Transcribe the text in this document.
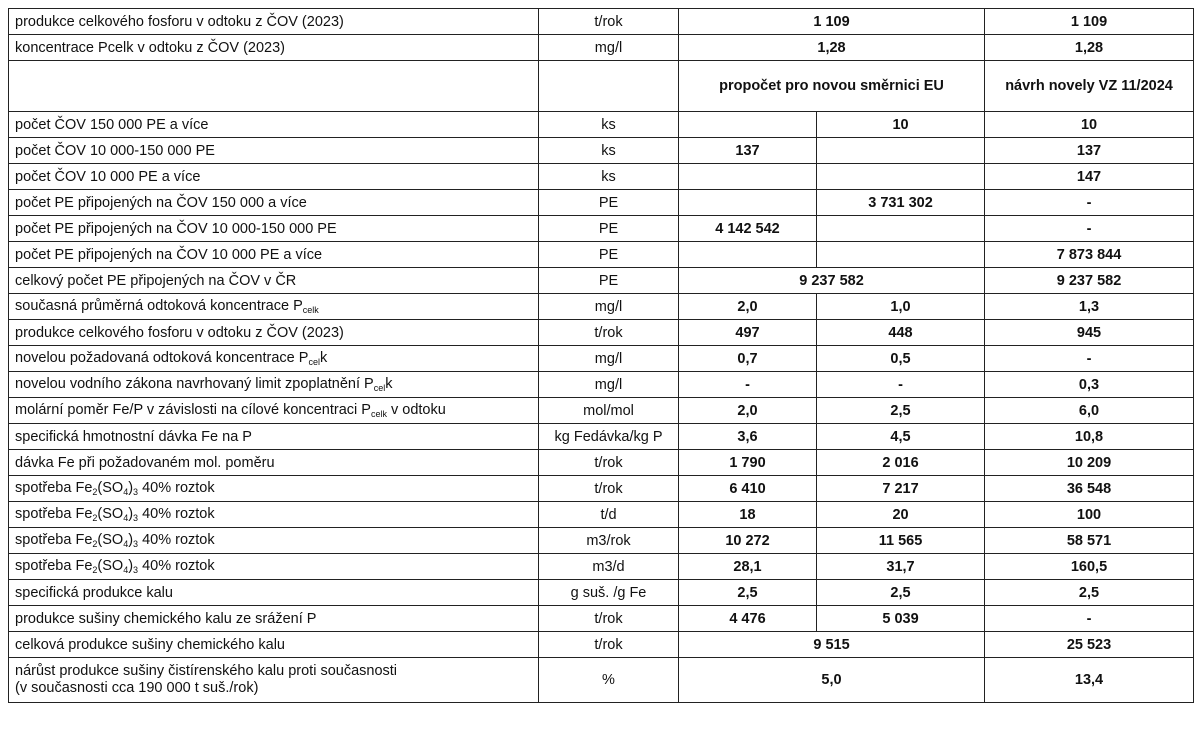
produkce celkového fosforu v odtoku z ČOV (2023)	t/rok	1 109		1 109
koncentrace Pcelk v odtoku z ČOV (2023)	mg/l	1,28		1,28
		propočet pro novou směrnici EU		návrh novely VZ 11/2024
počet ČOV 150 000 PE a více	ks		10	10
počet ČOV 10 000-150 000 PE	ks	137		137
počet ČOV 10 000 PE a více	ks			147
počet PE připojených na ČOV 150 000 a více	PE		3 731 302	-
počet PE připojených na ČOV 10 000-150 000 PE	PE	4 142 542		-
počet PE připojených na ČOV 10 000 PE a více	PE			7 873 844
celkový počet PE připojených na ČOV v ČR	PE	9 237 582		9 237 582
současná průměrná odtoková koncentrace $P_{celk}$	mg/l	2,0	1,0	1,3
produkce celkového fosforu v odtoku z ČOV (2023)	t/rok	497	448	945
novelou požadovaná odtoková koncentrace $P_{cel}k$	mg/l	0,7	0,5	-
novelou vodního zákona navrhovaný limit zpoplatnění $P_{cel}k$	mg/l	-	-	0,3
molární poměr Fe/P v závislosti na cílové koncentraci $P_{celk}$ v odtoku	mol/mol	2,0	2,5	6,0
specifická hmotnostní dávka Fe na P	kg Fedávka/kg P	3,6	4,5	10,8
dávka Fe při požadovaném mol. poměru	t/rok	1 790	2 016	10 209
spotřeba $Fe_2(SO_4)_3$ 40% roztok	t/rok	6 410	7 217	36 548
spotřeba $Fe_2(SO_4)_3$ 40% roztok	t/d	18	20	100
spotřeba $Fe_2(SO_4)_3$ 40% roztok	m3/rok	10 272	11 565	58 571
spotřeba $Fe_2(SO_4)_3$ 40% roztok	m3/d	28,1	31,7	160,5
specifická produkce kalu	g suš. /g Fe	2,5	2,5	2,5
produkce sušiny chemického kalu ze srážení P	t/rok	4 476	5 039	-
celková produkce sušiny chemického kalu	t/rok	9 515		25 523
nárůst produkce sušiny čistírenského kalu proti současnosti
(v současnosti cca 190 000 t suš./rok)	%	5,0		13,4
